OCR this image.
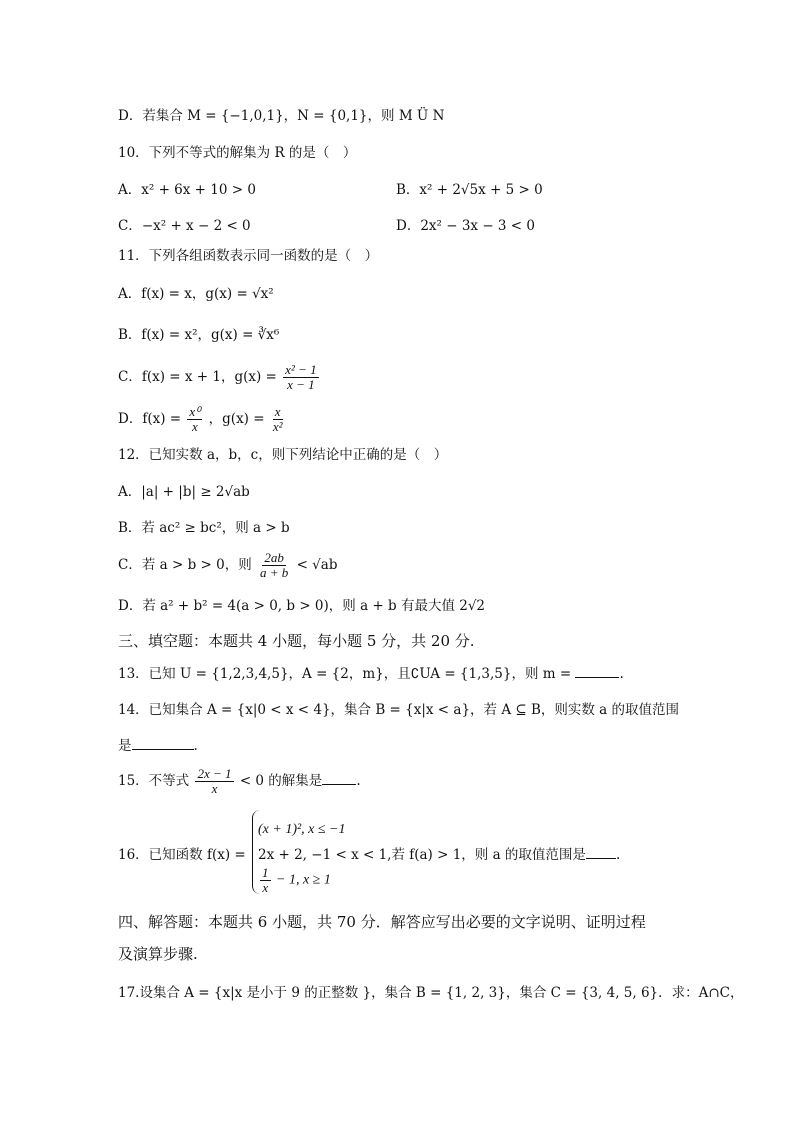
D．若集合 M = {−1,0,1}，N = {0,1}，则 M Ü N
10．下列不等式的解集为 R 的是（　）
A．x² + 6x + 10 > 0	B．x² + 2√5x + 5 > 0
C．−x² + x − 2 < 0	D．2x² − 3x − 3 < 0
11．下列各组函数表示同一函数的是（　）
A．f(x) = x，g(x) = √x²
B．f(x) = x²，g(x) = ∛x⁶
C．f(x) = x + 1，$g(x) = \frac{\text{x² − 1}}{x - 1}$
D．$f(x) = \frac{\text{x⁰}}{x}$ ，$g(x) = \frac{x}{\text{x²}}$
12．已知实数 a，b，c，则下列结论中正确的是（　）
A．|a| + |b| ≥ 2√ab
B．若 ac² ≥ bc²，则 a > b
C．若 a > b > 0，则 $\frac{2ab}{a + b} < √ab$
D．若 a² + b² = 4(a > 0, b > 0)，则 a + b 有最大值 2√2
三、填空题：本题共 4 小题，每小题 5 分，共 20 分.
13．已知 U = {1,2,3,4,5}，A = {2，m}，且∁UA = {1,3,5}，则 m =	.
14．已知集合 A = {x|0 < x < 4}，集合 B = {x|x < a}，若 A ⊆ B，则实数 a 的取值范围
是	.
15．不等式 $\frac{2x - 1}{x} < 0$ 的解集是	.
16．已知函数 f(x) =
(x + 1)², x ≤ −1
2x + 2, −1 < x < 1,若 f(a) > 1，则 a 的取值范围是 .
$\frac{1}{x} - 1$, x ≥ 1
四、解答题：本题共 6 小题，共 70 分．解答应写出必要的文字说明、证明过程
及演算步骤.
17.设集合 A = {x|x 是小于 9 的正整数 }，集合 B = {1, 2, 3}，集合 C = {3, 4, 5, 6}．求：A∩C，
